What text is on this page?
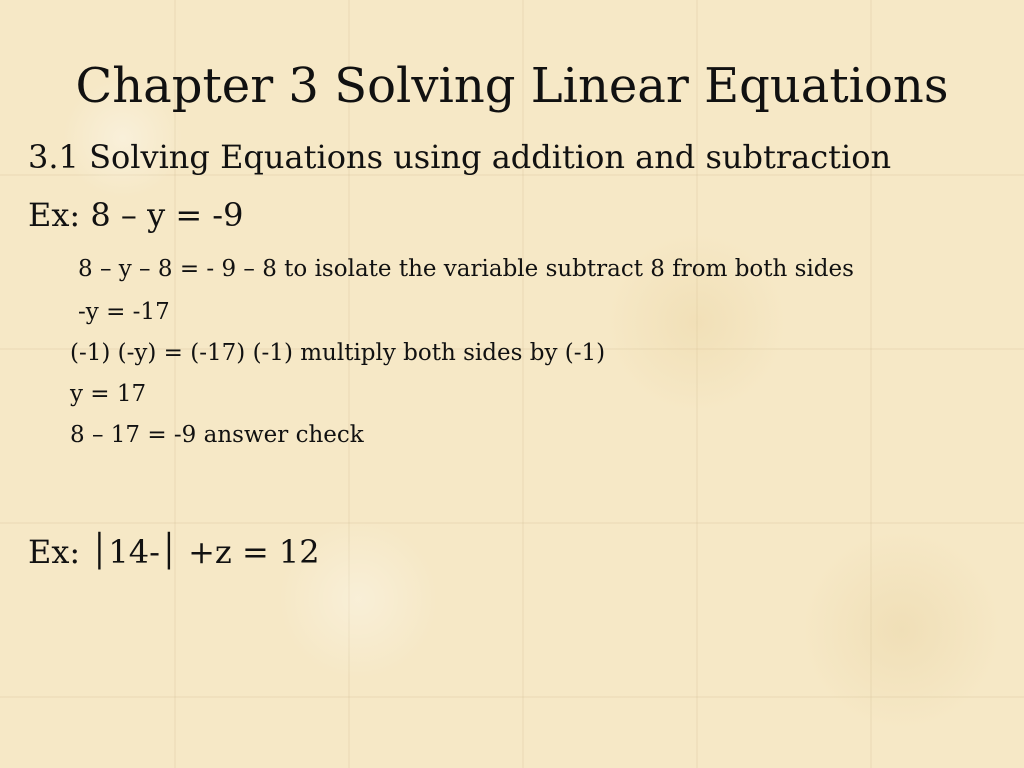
Chapter 3 Solving Linear Equations
3.1 Solving Equations using addition and subtraction
Ex: 8 – y = -9
8 – y – 8 = - 9 – 8 to isolate the variable subtract 8 from both sides
-y = -17
(-1) (-y) = (-17) (-1) multiply both sides by (-1)
y = 17
8 – 17 = -9 answer check
Ex: ׀-14׀ +z = 12
